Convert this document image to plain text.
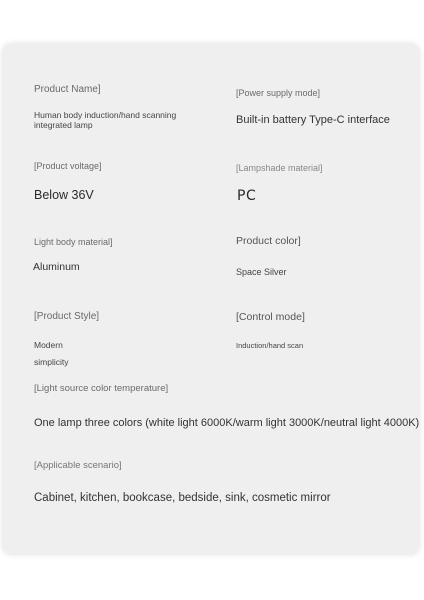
Product Name]
Human body induction/hand scanning integrated lamp
[Power supply mode]
Built-in battery Type-C interface
[Product voltage]
Below 36V
[Lampshade material]
PC
Light body material]
Aluminum
Product color]
Space Silver
[Product Style]
Modern
simplicity
[Control mode]
Induction/hand scan
[Light source color temperature]
One lamp three colors (white light 6000K/warm light 3000K/neutral light 4000K)
[Applicable scenario]
Cabinet, kitchen, bookcase, bedside, sink, cosmetic mirror
